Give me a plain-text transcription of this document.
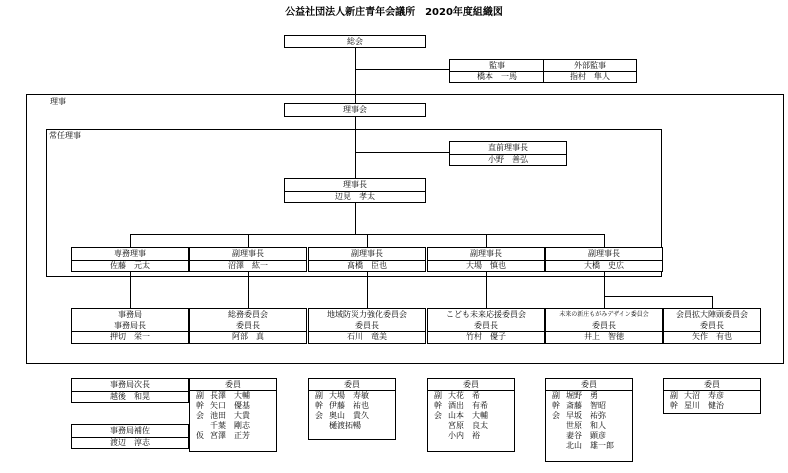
公益社団法人新庄青年会議所　2020年度組織図
総会
監事
橋本　一馬
外部監事
指村　隼人
理事
理事会
常任理事
直前理事長
小野　善弘
理事長
辺見　孝太
専務理事
佐藤　元太
副理事長
沼澤　紘一
副理事長
髙橋　臣也
副理事長
大場　慎也
副理事長
大橋　史広
事務局
事務局長
押切　栄一
総務委員会
委員長
阿部　真
地域防災力強化委員会
委員長
石川　竜美
こども未来応援委員会
委員長
竹村　優子
未来の新庄もがみデザイン委員会
委員長
井上　智徳
会員拡大陣頭委員会
委員長
矢作　有也
事務局次長
越後　和晃
事務局補佐
渡辺　淳志
委員
副 長澤　大輔
幹 矢口　優基
会 池田　大貴
千葉　剛志
仮 宮澤　正芳
委員
副 大場　寿敏
幹 伊藤　祐也
会 奥山　貴久
樋渡拓暢
委員
副 大花　希
幹 酒出　有希
会 山本　大輔
宮原　良太
小内　裕
委員
副 堀野　勇
幹 斎藤　智昭
会 早坂　祐弥
世原　和人
妻谷　顕彦
北山　雄一郎
委員
副 大沼　寿彦
幹 星川　健治
